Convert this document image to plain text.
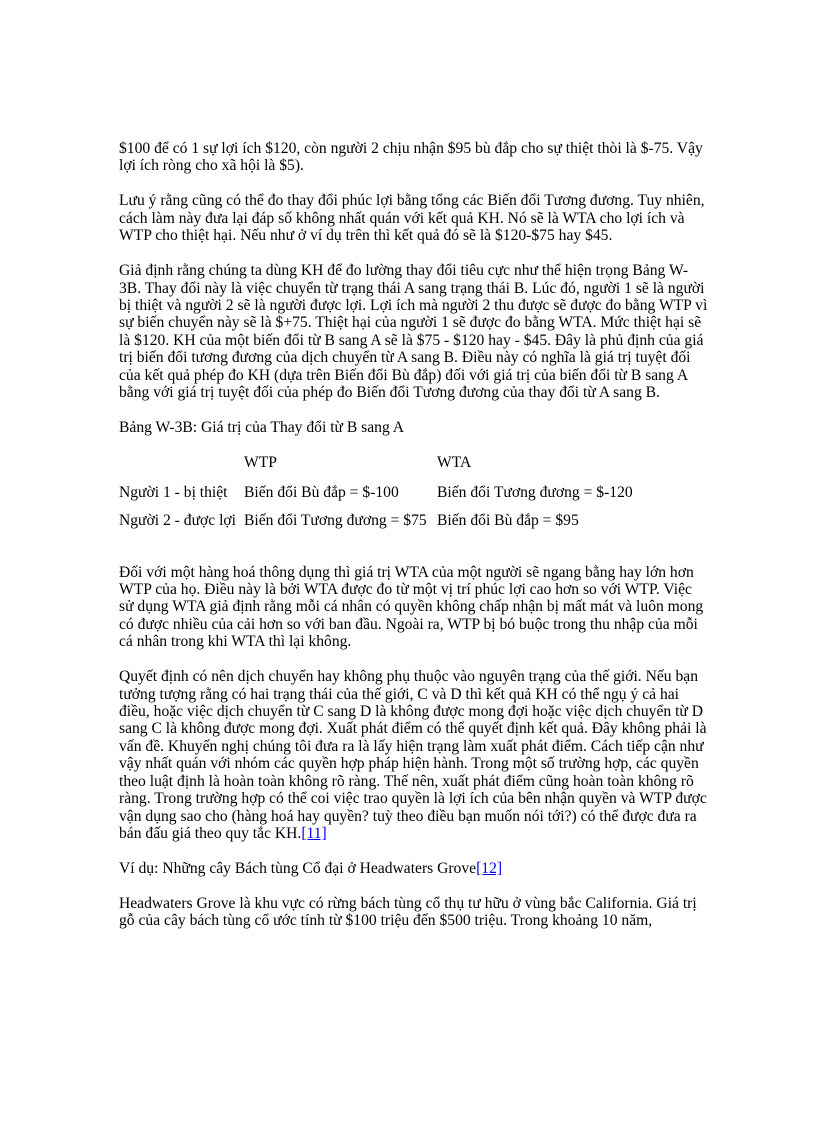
$100 để có 1 sự lợi ích $120, còn người 2 chịu nhận $95 bù đắp cho sự thiệt thòi là $-75. Vậy lợi ích ròng cho xã hội là $5).

Lưu ý rằng cũng có thể đo thay đổi phúc lợi bằng tổng các Biến đổi Tương đương. Tuy nhiên, cách làm này đưa lại đáp số không nhất quán với kết quả KH. Nó sẽ là WTA cho lợi ích và WTP cho thiệt hại. Nếu như ở ví dụ trên thì kết quả đó sẽ là $120-$75 hay $45.

Giả định rằng chúng ta dùng KH để đo lường thay đổi tiêu cực như thể hiện trọng Bảng W-3B. Thay đổi này là việc chuyển từ trạng thái A sang trạng thái B. Lúc đó, người 1 sẽ là người bị thiệt và người 2 sẽ là người được lợi. Lợi ích mà người 2 thu được sẽ được đo bằng WTP vì sự biến chuyển này sẽ là $+75. Thiệt hại của người 1 sẽ được đo bằng WTA. Mức thiệt hại sẽ là $120. KH của một biến đổi từ B sang A sẽ là $75 - $120 hay - $45. Đây là phủ định của giá trị biến đổi tương đương của dịch chuyển từ A sang B. Điều này có nghĩa là giá trị tuyệt đối của kết quả phép đo KH (dựa trên Biến đổi Bù đắp) đối với giá trị của biến đổi từ B sang A bằng với giá trị tuyệt đối của phép đo Biến đổi Tương đương của thay đổi từ A sang B.

Bảng W-3B: Giá trị của Thay đổi từ B sang A

WTP	WTA
Người 1 - bị thiệt Biến đổi Bù đắp = $-100 Biến đổi Tương đương = $-120
Người 2 - được lợi Biến đổi Tương đương = $75 Biến đổi Bù đắp = $95

Đối với một hàng hoá thông dụng thì giá trị WTA của một người sẽ ngang bằng hay lớn hơn WTP của họ. Điều này là bởi WTA được đo từ một vị trí phúc lợi cao hơn so với WTP. Việc sử dụng WTA giả định rằng mỗi cá nhân có quyền không chấp nhận bị mất mát và luôn mong có được nhiều của cải hơn so với ban đầu. Ngoài ra, WTP bị bó buộc trong thu nhập của mỗi cá nhân trong khi WTA thì lại không.

Quyết định có nên dịch chuyển hay không phụ thuộc vào nguyên trạng của thế giới. Nếu bạn tưởng tượng rằng có hai trạng thái của thế giới, C và D thì kết quả KH có thể ngụ ý cả hai điều, hoặc việc dịch chuyển từ C sang D là không được mong đợi hoặc việc dịch chuyển từ D sang C là không được mong đợi. Xuất phát điểm có thể quyết định kết quả. Đây không phải là vấn đề. Khuyến nghị chúng tôi đưa ra là lấy hiện trạng làm xuất phát điểm. Cách tiếp cận như vậy nhất quán với nhóm các quyền hợp pháp hiện hành. Trong một số trường hợp, các quyền theo luật định là hoàn toàn không rõ ràng. Thế nên, xuất phát điểm cũng hoàn toàn không rõ ràng. Trong trường hợp có thể coi việc trao quyền là lợi ích của bên nhận quyền và WTP được vận dụng sao cho (hàng hoá hay quyền? tuỳ theo điều bạn muốn nói tới?) có thể được đưa ra bán đấu giá theo quy tắc KH.[11]

Ví dụ: Những cây Bách tùng Cổ đại ở Headwaters Grove[12]

Headwaters Grove là khu vực có rừng bách tùng cổ thụ tư hữu ở vùng bắc California. Giá trị gỗ của cây bách tùng cổ ước tính từ $100 triệu đến $500 triệu. Trong khoảng 10 năm,
